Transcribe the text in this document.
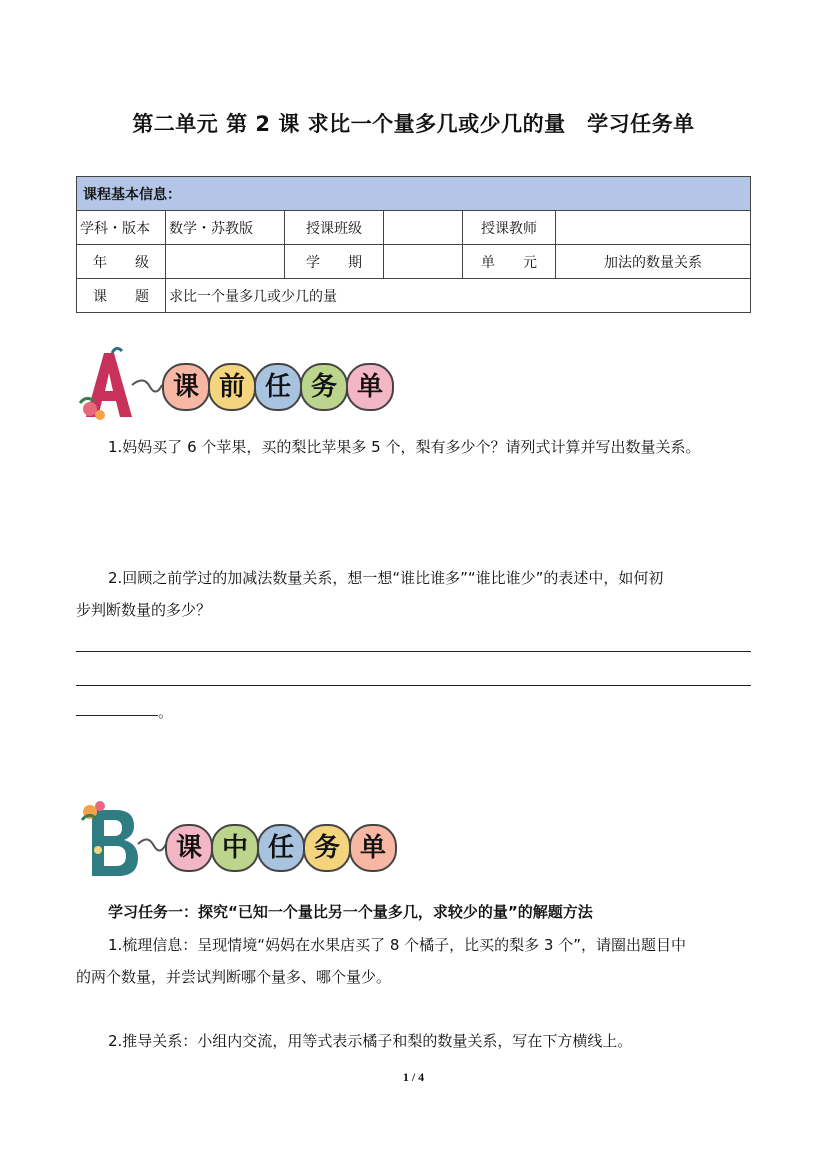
第二单元 第 2 课 求比一个量多几或少几的量　学习任务单
课程基本信息：					
学科・版本	数学・苏教版	授课班级		授课教师	
年　　级		学　　期		单　　元	加法的数量关系
课　　题	求比一个量多几或少几的量				
课 前 任 务 单
1.妈妈买了 6 个苹果，买的梨比苹果多 5 个，梨有多少个？请列式计算并写出数量关系。
2.回顾之前学过的加减法数量关系，想一想“谁比谁多”“谁比谁少”的表述中，如何初
步判断数量的多少？
。
课 中 任 务 单
学习任务一：探究“已知一个量比另一个量多几，求较少的量”的解题方法
1.梳理信息：呈现情境“妈妈在水果店买了 8 个橘子，比买的梨多 3 个”，请圈出题目中
的两个数量，并尝试判断哪个量多、哪个量少。
2.推导关系：小组内交流，用等式表示橘子和梨的数量关系，写在下方横线上。
1 / 4
